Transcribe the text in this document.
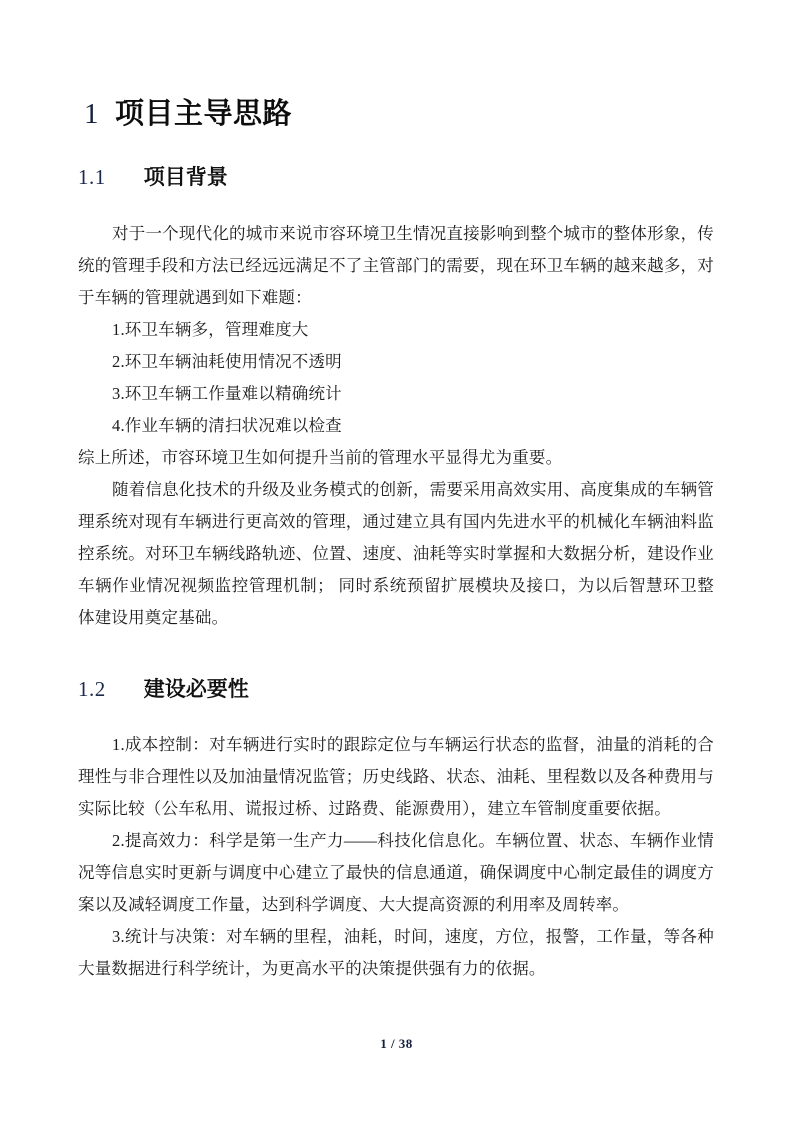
1 项目主导思路
1.1 项目背景

对于一个现代化的城市来说市容环境卫生情况直接影响到整个城市的整体形象，传统的管理手段和方法已经远远满足不了主管部门的需要，现在环卫车辆的越来越多，对于车辆的管理就遇到如下难题：

1.环卫车辆多，管理难度大

2.环卫车辆油耗使用情况不透明

3.环卫车辆工作量难以精确统计

4.作业车辆的清扫状况难以检查

综上所述，市容环境卫生如何提升当前的管理水平显得尤为重要。

随着信息化技术的升级及业务模式的创新，需要采用高效实用、高度集成的车辆管理系统对现有车辆进行更高效的管理，通过建立具有国内先进水平的机械化车辆油料监控系统。对环卫车辆线路轨迹、位置、速度、油耗等实时掌握和大数据分析，建设作业车辆作业情况视频监控管理机制； 同时系统预留扩展模块及接口，为以后智慧环卫整体建设用奠定基础。

1.2 建设必要性

1.成本控制：对车辆进行实时的跟踪定位与车辆运行状态的监督，油量的消耗的合理性与非合理性以及加油量情况监管；历史线路、状态、油耗、里程数以及各种费用与实际比较（公车私用、谎报过桥、过路费、能源费用），建立车管制度重要依据。

2.提高效力：科学是第一生产力——科技化信息化。车辆位置、状态、车辆作业情况等信息实时更新与调度中心建立了最快的信息通道，确保调度中心制定最佳的调度方案以及减轻调度工作量，达到科学调度、大大提高资源的利用率及周转率。

3.统计与决策：对车辆的里程，油耗，时间，速度，方位，报警，工作量，等各种大量数据进行科学统计，为更高水平的决策提供强有力的依据。

1 / 38
